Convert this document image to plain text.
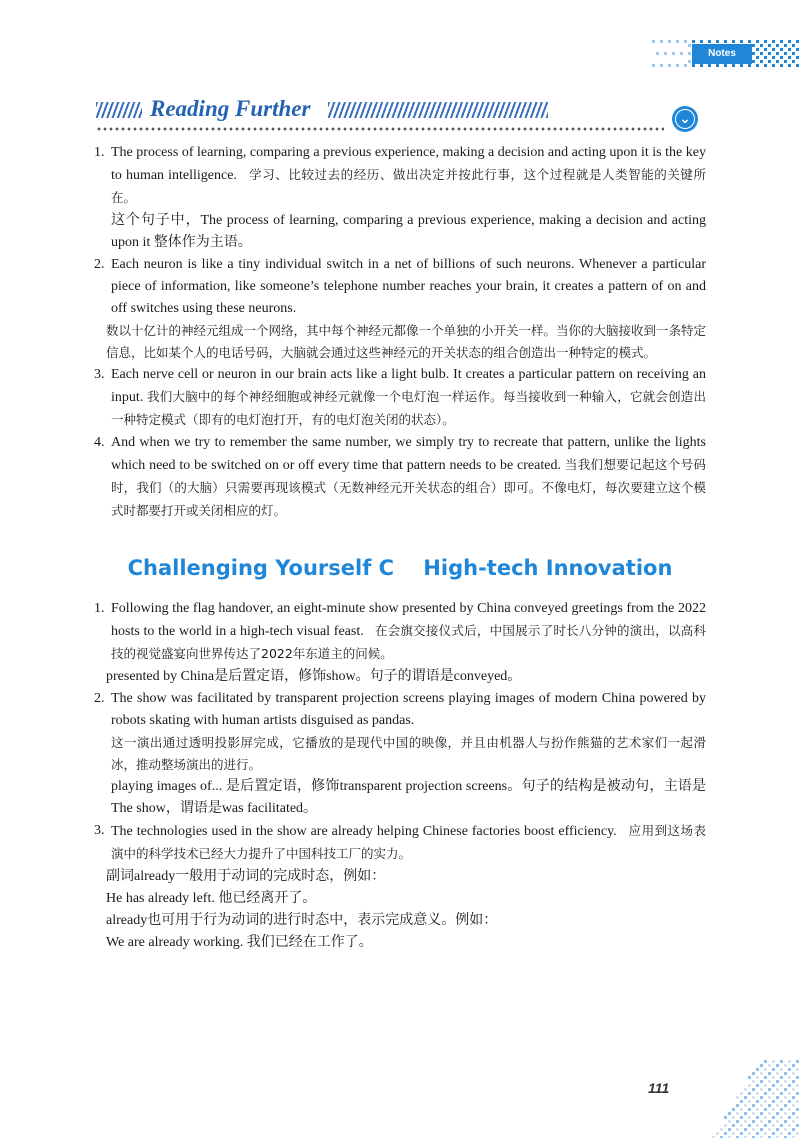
Notes
Reading Further	⌄
1. The process of learning, comparing a previous experience, making a decision and acting upon it is the key to human intelligence. 学习、比较过去的经历、做出决定并按此行事，这个过程就是人类智能的关键所在。
这个句子中，The process of learning, comparing a previous experience, making a decision and acting upon it 整体作为主语。
2. Each neuron is like a tiny individual switch in a net of billions of such neurons. Whenever a particular piece of information, like someone’s telephone number reaches your brain, it creates a pattern of on and off switches using these neurons.
数以十亿计的神经元组成一个网络，其中每个神经元都像一个单独的小开关一样。当你的大脑接收到一条特定信息，比如某个人的电话号码，大脑就会通过这些神经元的开关状态的组合创造出一种特定的模式。
3. Each nerve cell or neuron in our brain acts like a light bulb. It creates a particular pattern on receiving an input. 我们大脑中的每个神经细胞或神经元就像一个电灯泡一样运作。每当接收到一种输入，它就会创造出一种特定模式（即有的电灯泡打开，有的电灯泡关闭的状态）。
4. And when we try to remember the same number, we simply try to recreate that pattern, unlike the lights which need to be switched on or off every time that pattern needs to be created. 当我们想要记起这个号码时，我们（的大脑）只需要再现该模式（无数神经元开关状态的组合）即可。不像电灯，每次要建立这个模式时都要打开或关闭相应的灯。
Challenging Yourself C    High-tech Innovation
1. Following the flag handover, an eight-minute show presented by China conveyed greetings from the 2022 hosts to the world in a high-tech visual feast. 在会旗交接仪式后，中国展示了时长八分钟的演出，以高科技的视觉盛宴向世界传达了2022年东道主的问候。
presented by China是后置定语，修饰show。句子的谓语是conveyed。
2. The show was facilitated by transparent projection screens playing images of modern China powered by robots skating with human artists disguised as pandas.
这一演出通过透明投影屏完成，它播放的是现代中国的映像，并且由机器人与扮作熊猫的艺术家们一起滑冰，推动整场演出的进行。
playing images of... 是后置定语，修饰transparent projection screens。句子的结构是被动句，主语是The show，谓语是was facilitated。
3. The technologies used in the show are already helping Chinese factories boost efficiency. 应用到这场表演中的科学技术已经大力提升了中国科技工厂的实力。
副词already一般用于动词的完成时态，例如：
He has already left. 他已经离开了。
already也可用于行为动词的进行时态中，表示完成意义。例如：
We are already working. 我们已经在工作了。
111
